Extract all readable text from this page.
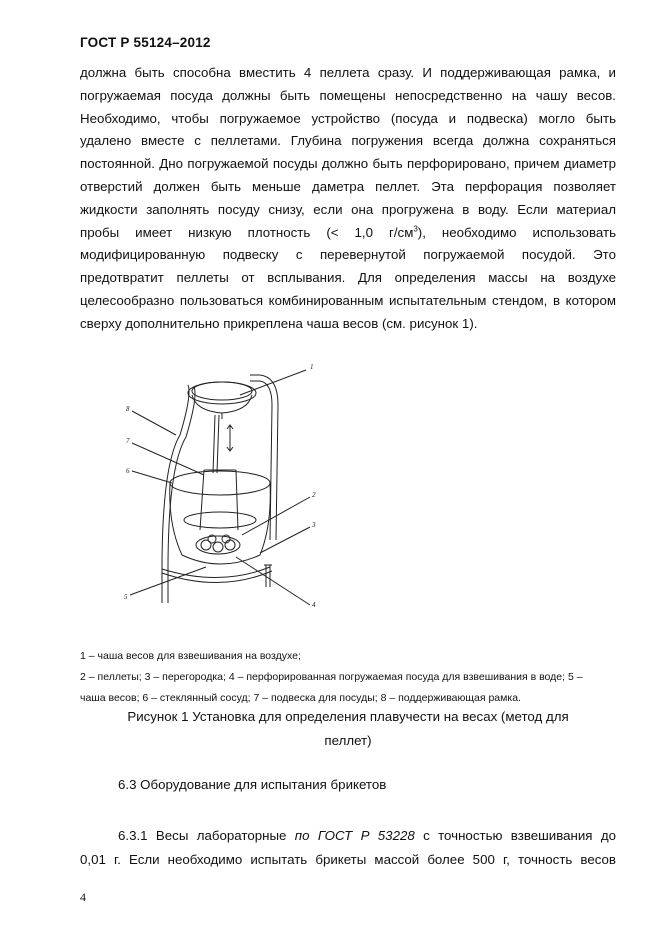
ГОСТ Р 55124–2012
должна быть способна вместить 4 пеллета сразу. И поддерживающая рамка, и
погружаемая посуда должны быть помещены непосредственно на чашу весов.
Необходимо, чтобы погружаемое устройство (посуда и подвеска) могло быть
удалено вместе с пеллетами. Глубина погружения всегда должна сохраняться
постоянной. Дно погружаемой посуды должно быть перфорировано, причем диаметр
отверстий должен быть меньше даметра пеллет. Эта перфорация позволяет
жидкости заполнять посуду снизу, если она прогружена в воду. Если материал
пробы имеет низкую плотность (< 1,0 $г/см^3$), необходимо использовать
модифицированную подвеску с перевернутой погружаемой посудой. Это
предотвратит пеллеты от всплывания. Для определения массы на воздухе
целесообразно пользоваться комбинированным испытательным стендом, в котором
сверху дополнительно прикреплена чаша весов (см. рисунок 1).
1
2
3
4
5
6
7
8
1 – чаша весов для взвешивания на воздухе;
2 – пеллеты; 3 – перегородка; 4 – перфорированная погружаемая посуда для взвешивания в воде; 5 –
чаша весов; 6 – стеклянный сосуд; 7 – подвеска для посуды; 8 – поддерживающая рамка.
Рисунок 1 Установка для определения плавучести на весах (метод для
пеллет)
6.3 Оборудование для испытания брикетов
6.3.1 Весы лабораторные по ГОСТ Р 53228 с точностью взвешивания до
0,01 г. Если необходимо испытать брикеты массой более 500 г, точность весов
4
